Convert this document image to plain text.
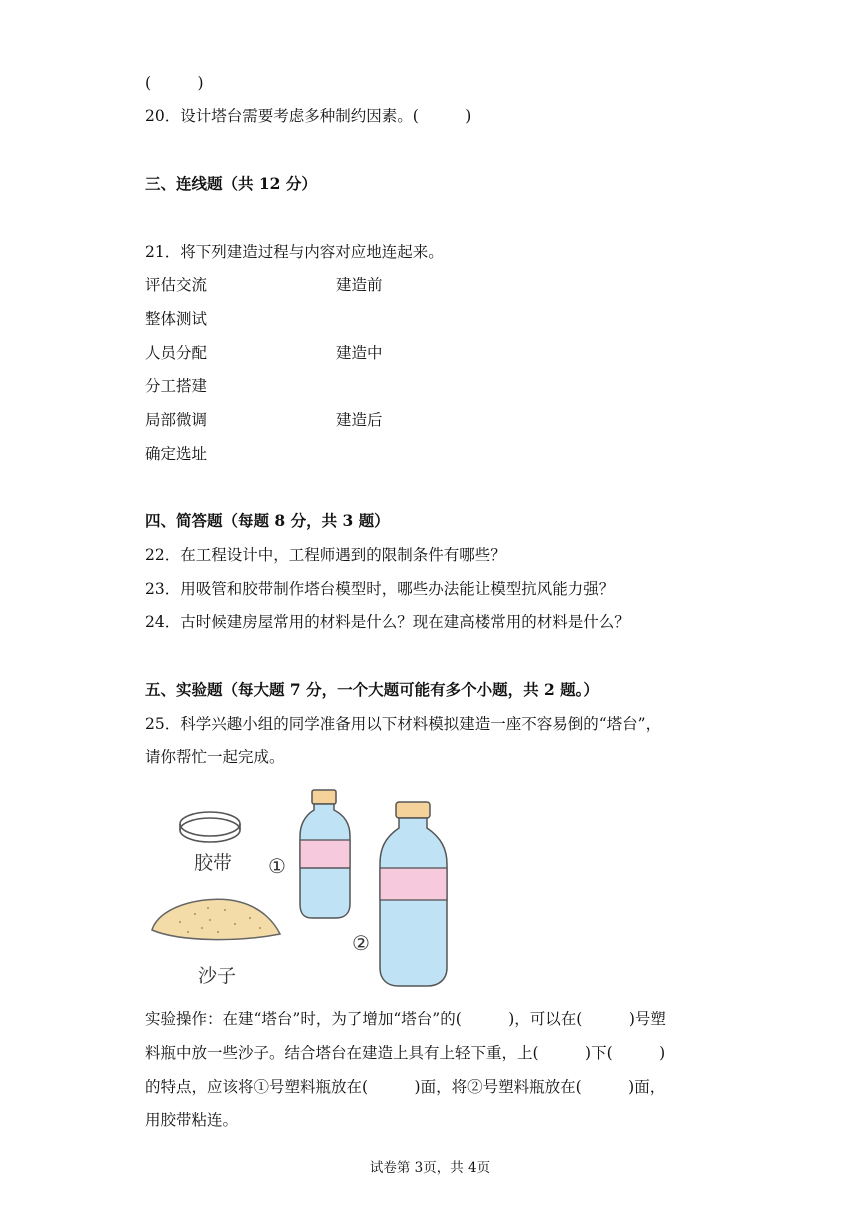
(　　　)
20．设计塔台需要考虑多种制约因素。(　　　)
三、连线题（共 12 分）
21．将下列建造过程与内容对应地连起来。
评估交流
整体测试
人员分配
分工搭建
局部微调
确定选址
建造前
建造中
建造后
四、简答题（每题 8 分，共 3 题）
22．在工程设计中，工程师遇到的限制条件有哪些？
23．用吸管和胶带制作塔台模型时，哪些办法能让模型抗风能力强？
24．古时候建房屋常用的材料是什么？现在建高楼常用的材料是什么？
五、实验题（每大题 7 分，一个大题可能有多个小题，共 2 题。）
25．科学兴趣小组的同学准备用以下材料模拟建造一座不容易倒的“塔台”，
请你帮忙一起完成。
胶带
沙子
①
②
实验操作：在建“塔台”时，为了增加“塔台”的(　　　)，可以在(　　　)号塑
料瓶中放一些沙子。结合塔台在建造上具有上轻下重，上(　　　)下(　　　)
的特点，应该将①号塑料瓶放在(　　　)面，将②号塑料瓶放在(　　　)面，
用胶带粘连。
试卷第 3页，共 4页
